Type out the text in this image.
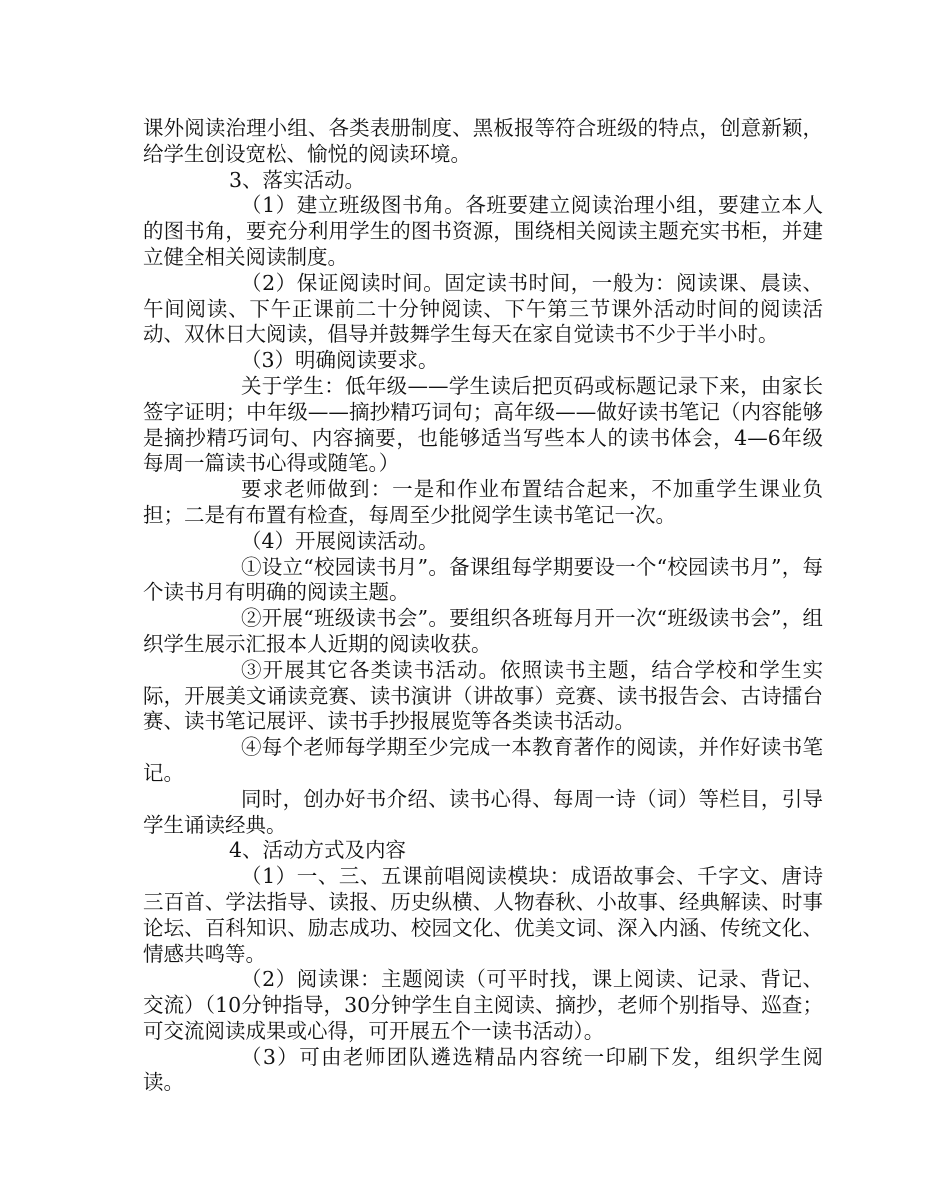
课外阅读治理小组、各类表册制度、黑板报等符合班级的特点，创意新颖，给学生创设宽松、愉悦的阅读环境。

3、落实活动。

（1）建立班级图书角。各班要建立阅读治理小组，要建立本人的图书角，要充分利用学生的图书资源，围绕相关阅读主题充实书柜，并建立健全相关阅读制度。

（2）保证阅读时间。固定读书时间，一般为：阅读课、晨读、午间阅读、下午正课前二十分钟阅读、下午第三节课外活动时间的阅读活动、双休日大阅读，倡导并鼓舞学生每天在家自觉读书不少于半小时。

（3）明确阅读要求。

关于学生：低年级——学生读后把页码或标题记录下来，由家长签字证明；中年级——摘抄精巧词句；高年级——做好读书笔记（内容能够是摘抄精巧词句、内容摘要，也能够适当写些本人的读书体会，4—6年级每周一篇读书心得或随笔。）

要求老师做到：一是和作业布置结合起来，不加重学生课业负担；二是有布置有检查，每周至少批阅学生读书笔记一次。

（4）开展阅读活动。

①设立“校园读书月”。备课组每学期要设一个“校园读书月”，每个读书月有明确的阅读主题。

②开展“班级读书会”。要组织各班每月开一次“班级读书会”，组织学生展示汇报本人近期的阅读收获。

③开展其它各类读书活动。依照读书主题，结合学校和学生实际，开展美文诵读竞赛、读书演讲（讲故事）竞赛、读书报告会、古诗擂台赛、读书笔记展评、读书手抄报展览等各类读书活动。

④每个老师每学期至少完成一本教育著作的阅读，并作好读书笔记。

同时，创办好书介绍、读书心得、每周一诗（词）等栏目，引导学生诵读经典。

4、活动方式及内容

（1）一、三、五课前唱阅读模块：成语故事会、千字文、唐诗三百首、学法指导、读报、历史纵横、人物春秋、小故事、经典解读、时事论坛、百科知识、励志成功、校园文化、优美文词、深入内涵、传统文化、情感共鸣等。

（2）阅读课：主题阅读（可平时找，课上阅读、记录、背记、交流）（10分钟指导，30分钟学生自主阅读、摘抄，老师个别指导、巡查；可交流阅读成果或心得，可开展五个一读书活动）。

（3）可由老师团队遴选精品内容统一印刷下发，组织学生阅读。
